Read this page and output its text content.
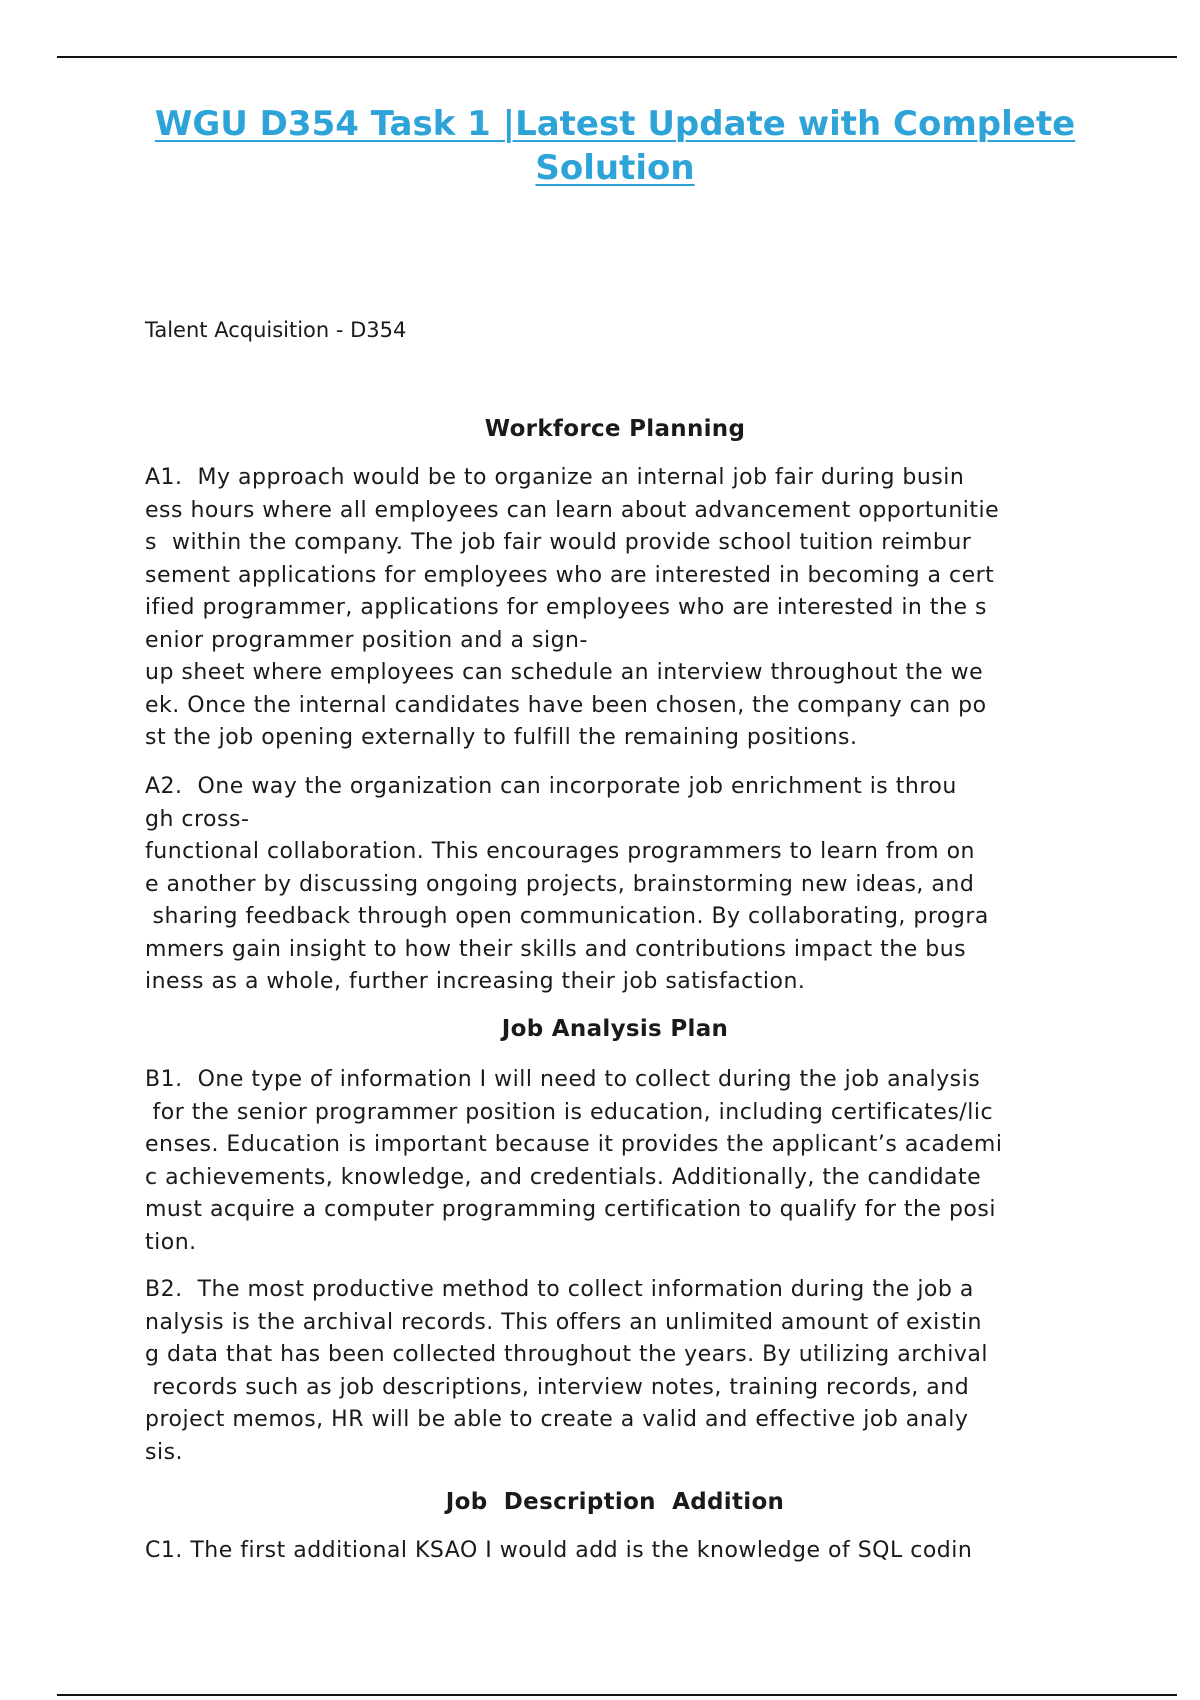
WGU D354 Task 1 |Latest Update with Complete Solution

Talent Acquisition - D354

Workforce Planning

A1.  My approach would be to organize an internal job fair during busin
ess hours where all employees can learn about advancement opportunitie
s  within the company. The job fair would provide school tuition reimbur
sement applications for employees who are interested in becoming a cert
ified programmer, applications for employees who are interested in the s
enior programmer position and a sign-
up sheet where employees can schedule an interview throughout the we
ek. Once the internal candidates have been chosen, the company can po
st the job opening externally to fulfill the remaining positions.

A2.  One way the organization can incorporate job enrichment is throu
gh cross-
functional collaboration. This encourages programmers to learn from on
e another by discussing ongoing projects, brainstorming new ideas, and
sharing feedback through open communication. By collaborating, progra
mmers gain insight to how their skills and contributions impact the bus
iness as a whole, further increasing their job satisfaction.

Job Analysis Plan

B1.  One type of information I will need to collect during the job analysis
for the senior programmer position is education, including certificates/lic
enses. Education is important because it provides the applicant’s academi
c achievements, knowledge, and credentials. Additionally, the candidate
must acquire a computer programming certification to qualify for the posi
tion.

B2.  The most productive method to collect information during the job a
nalysis is the archival records. This offers an unlimited amount of existin
g data that has been collected throughout the years. By utilizing archival
records such as job descriptions, interview notes, training records, and
project memos, HR will be able to create a valid and effective job analy
sis.

Job Description Addition

C1. The first additional KSAO I would add is the knowledge of SQL codin
